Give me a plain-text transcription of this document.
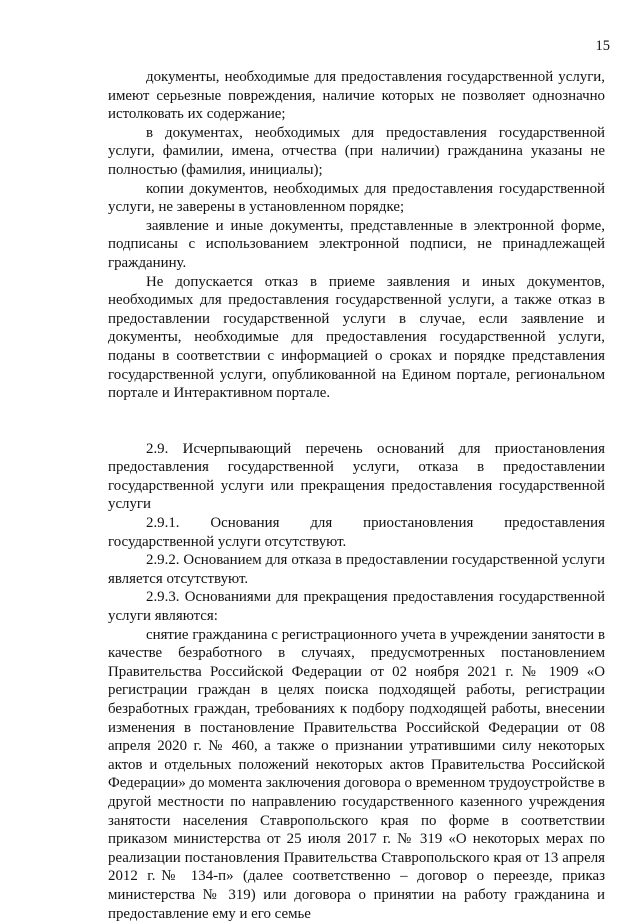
15

документы, необходимые для предоставления государственной услуги, имеют серьезные повреждения, наличие которых не позволяет однозначно истолковать их содержание;

в документах, необходимых для предоставления государственной услуги, фамилии, имена, отчества (при наличии) гражданина указаны не полностью (фамилия, инициалы);

копии документов, необходимых для предоставления государственной услуги, не заверены в установленном порядке;

заявление и иные документы, представленные в электронной форме, подписаны с использованием электронной подписи, не принадлежащей гражданину.

Не допускается отказ в приеме заявления и иных документов, необходимых для предоставления государственной услуги, а также отказ в предоставлении государственной услуги в случае, если заявление и документы, необходимые для предоставления государственной услуги, поданы в соответствии с информацией о сроках и порядке представления государственной услуги, опубликованной на Едином портале, региональном портале и Интерактивном портале.

2.9. Исчерпывающий перечень оснований для приостановления предоставления государственной услуги, отказа в предоставлении государственной услуги или прекращения предоставления государственной услуги

2.9.1. Основания для приостановления предоставления государственной услуги отсутствуют.

2.9.2. Основанием для отказа в предоставлении государственной услуги является отсутствуют.

2.9.3. Основаниями для прекращения предоставления государственной услуги являются:

снятие гражданина с регистрационного учета в учреждении занятости в качестве безработного в случаях, предусмотренных постановлением Правительства Российской Федерации от 02 ноября 2021 г. № 1909 «О регистрации граждан в целях поиска подходящей работы, регистрации безработных граждан, требованиях к подбору подходящей работы, внесении изменения в постановление Правительства Российской Федерации от 08 апреля 2020 г. № 460, а также о признании утратившими силу некоторых актов и отдельных положений некоторых актов Правительства Российской Федерации» до момента заключения договора о временном трудоустройстве в другой местности по направлению государственного казенного учреждения занятости населения Ставропольского края по форме в соответствии приказом министерства от 25 июля 2017 г. № 319 «О некоторых мерах по реализации постановления Правительства Ставропольского края от 13 апреля 2012 г.№ 134-п» (далее соответственно – договор о переезде, приказ министерства № 319) или договора о принятии на работу гражданина и предоставление ему и его семье
